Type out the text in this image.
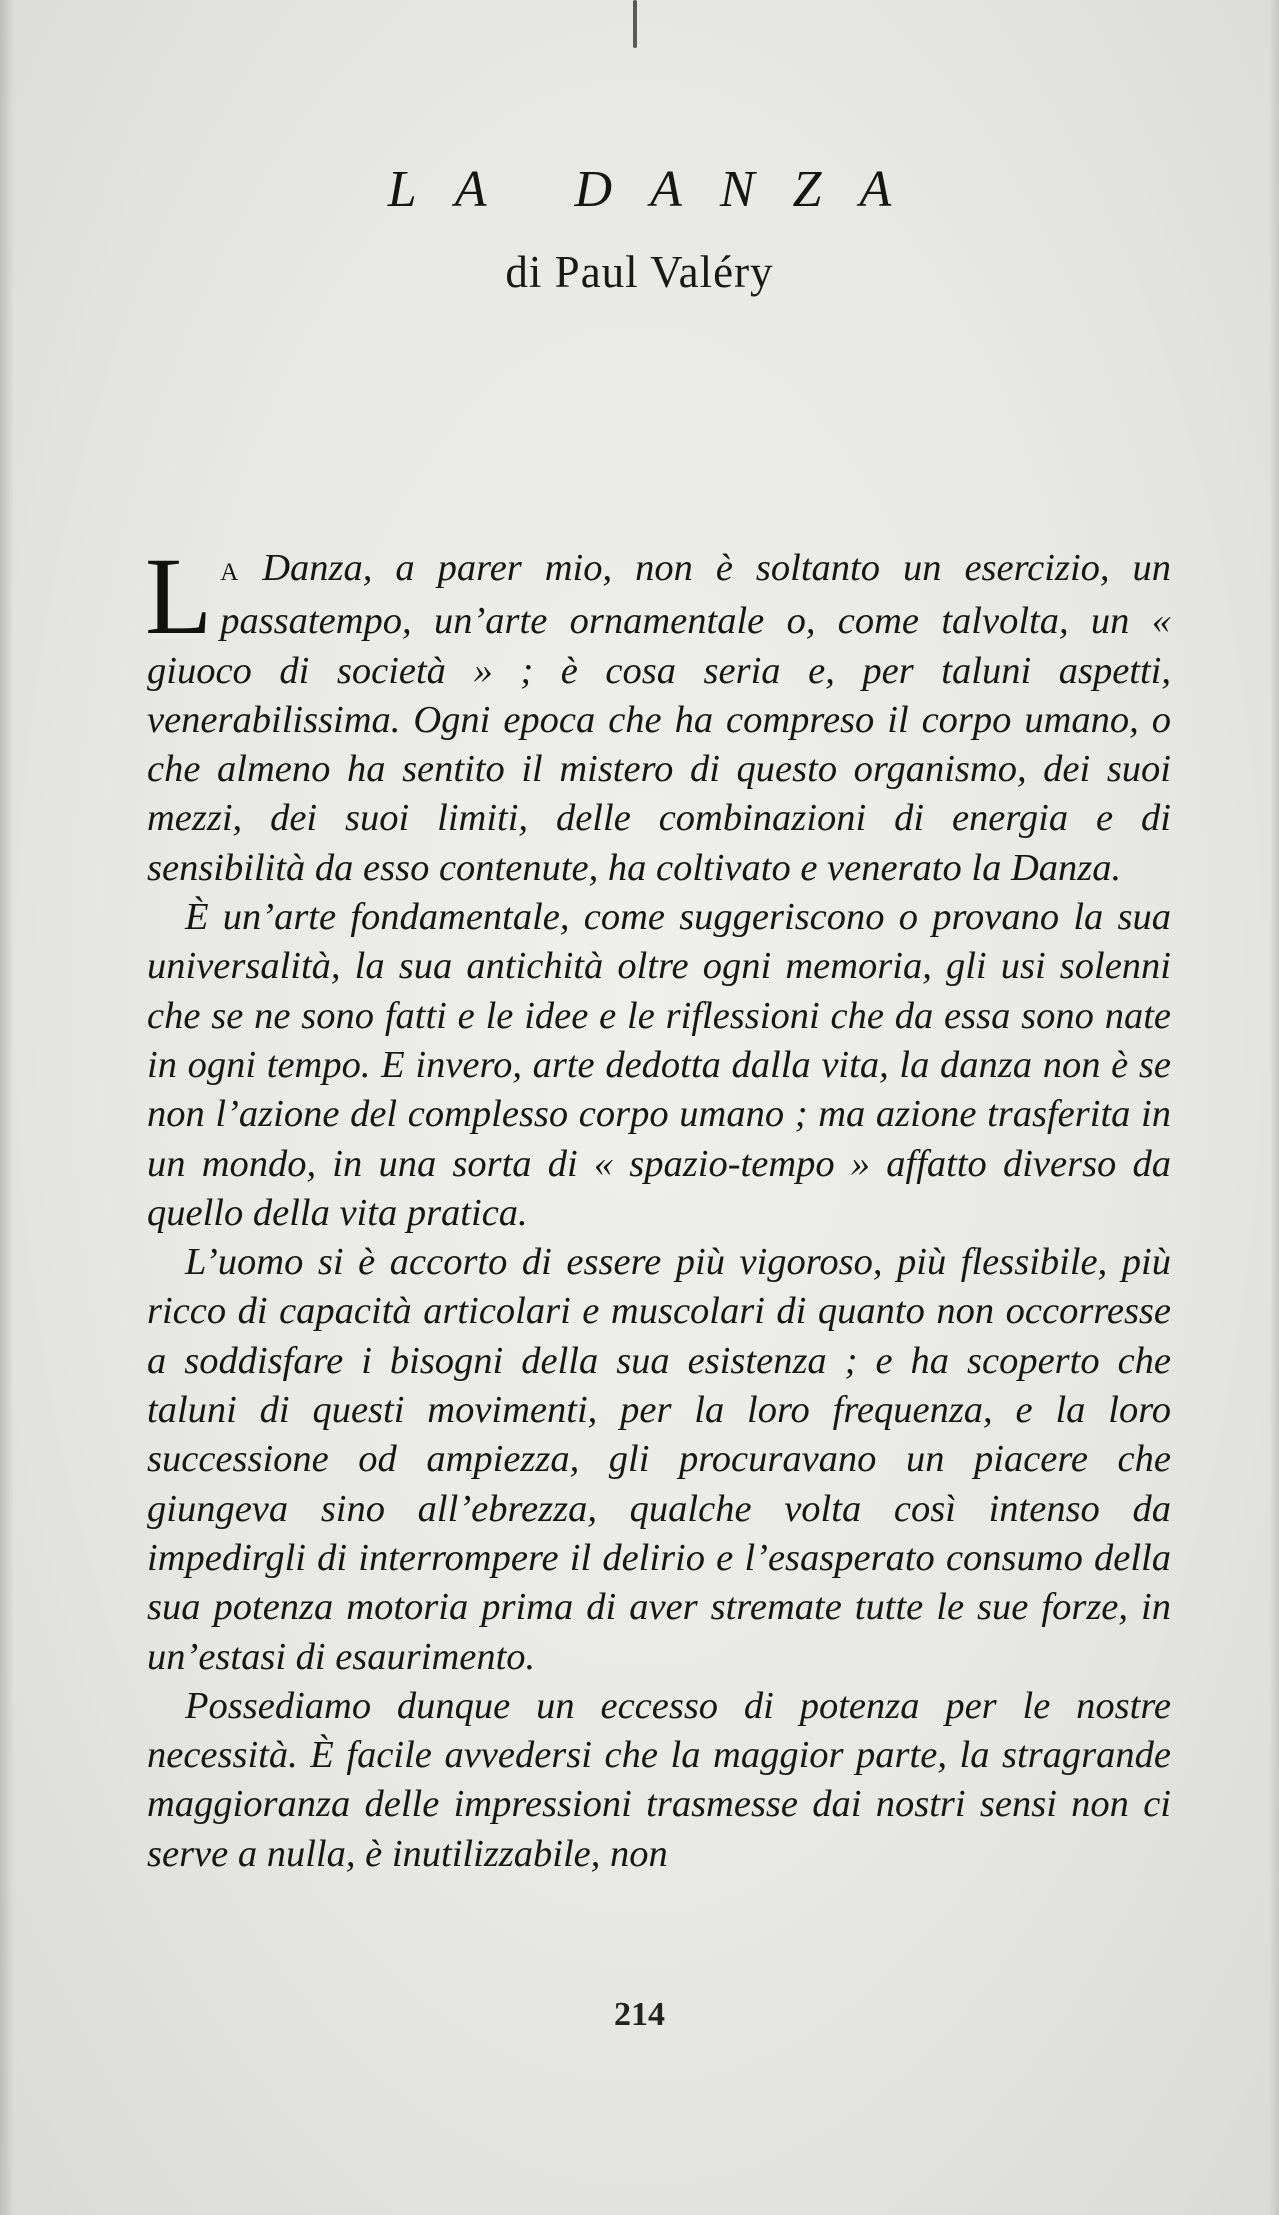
LA DANZA
di Paul Valéry

L A Danza, a parer mio, non è soltanto un esercizio, un passatempo, un’arte ornamentale o, come talvolta, un « giuoco di società » ; è cosa seria e, per taluni aspetti, venerabilissima. Ogni epoca che ha compreso il corpo umano, o che almeno ha sentito il mistero di questo organismo, dei suoi mezzi, dei suoi limiti, delle combinazioni di energia e di sensibilità da esso contenute, ha coltivato e venerato la Danza.

È un’arte fondamentale, come suggeriscono o provano la sua universalità, la sua antichità oltre ogni memoria, gli usi solenni che se ne sono fatti e le idee e le riflessioni che da essa sono nate in ogni tempo. E invero, arte dedotta dalla vita, la danza non è se non l’azione del complesso corpo umano ; ma azione trasferita in un mondo, in una sorta di « spazio-tempo » affatto diverso da quello della vita pratica.

L’uomo si è accorto di essere più vigoroso, più flessibile, più ricco di capacità articolari e muscolari di quanto non occorresse a soddisfare i bisogni della sua esistenza ; e ha scoperto che taluni di questi movimenti, per la loro frequenza, e la loro successione od ampiezza, gli procuravano un piacere che giungeva sino all’ebrezza, qualche volta così intenso da impedirgli di interrompere il delirio e l’esasperato consumo della sua potenza motoria prima di aver stremate tutte le sue forze, in un’estasi di esaurimento.

Possediamo dunque un eccesso di potenza per le nostre necessità. È facile avvedersi che la maggior parte, la stragrande maggioranza delle impressioni trasmesse dai nostri sensi non ci serve a nulla, è inutilizzabile, non

214
